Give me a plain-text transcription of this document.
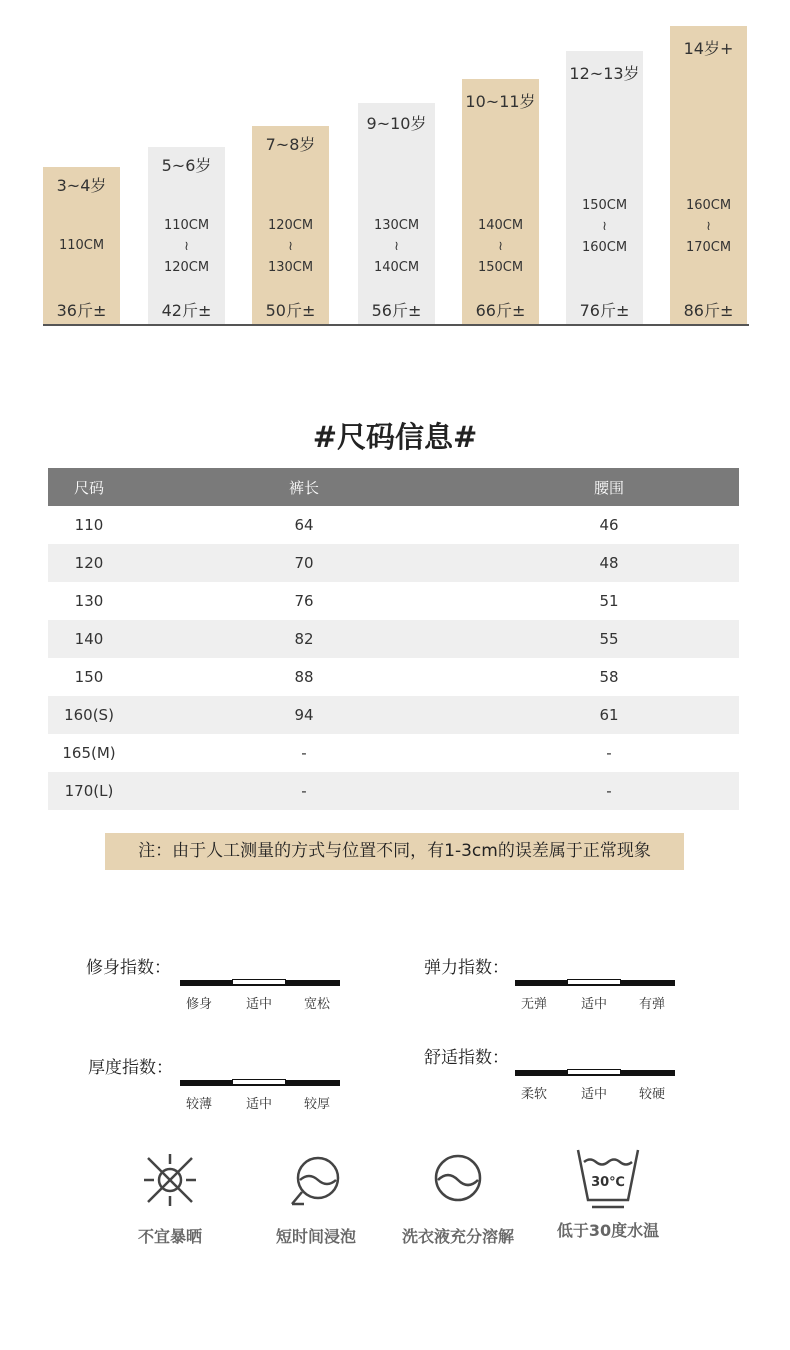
3~4岁
110CM
36斤±
5~6岁
110CM
≀
120CM
42斤±
7~8岁
120CM
≀
130CM
50斤±
9~10岁
130CM
≀
140CM
56斤±
10~11岁
140CM
≀
150CM
66斤±
12~13岁
150CM
≀
160CM
76斤±
14岁+
160CM
≀
170CM
86斤±
#尺码信息#
尺码	裤长	腰围
110	64	46
120	70	48
130	76	51
140	82	55
150	88	58
160(S)	94	61
165(M)	-	-
170(L)	-	-
注：由于人工测量的方式与位置不同，有1-3cm的误差属于正常现象
修身指数：
修身	适中 宽松
弹力指数：
无弹	适中 有弹
厚度指数：
较薄	适中 较厚
舒适指数：
柔软	适中 较硬
不宜暴晒	短时间浸泡	洗衣液充分溶解
30℃
低于30度水温
